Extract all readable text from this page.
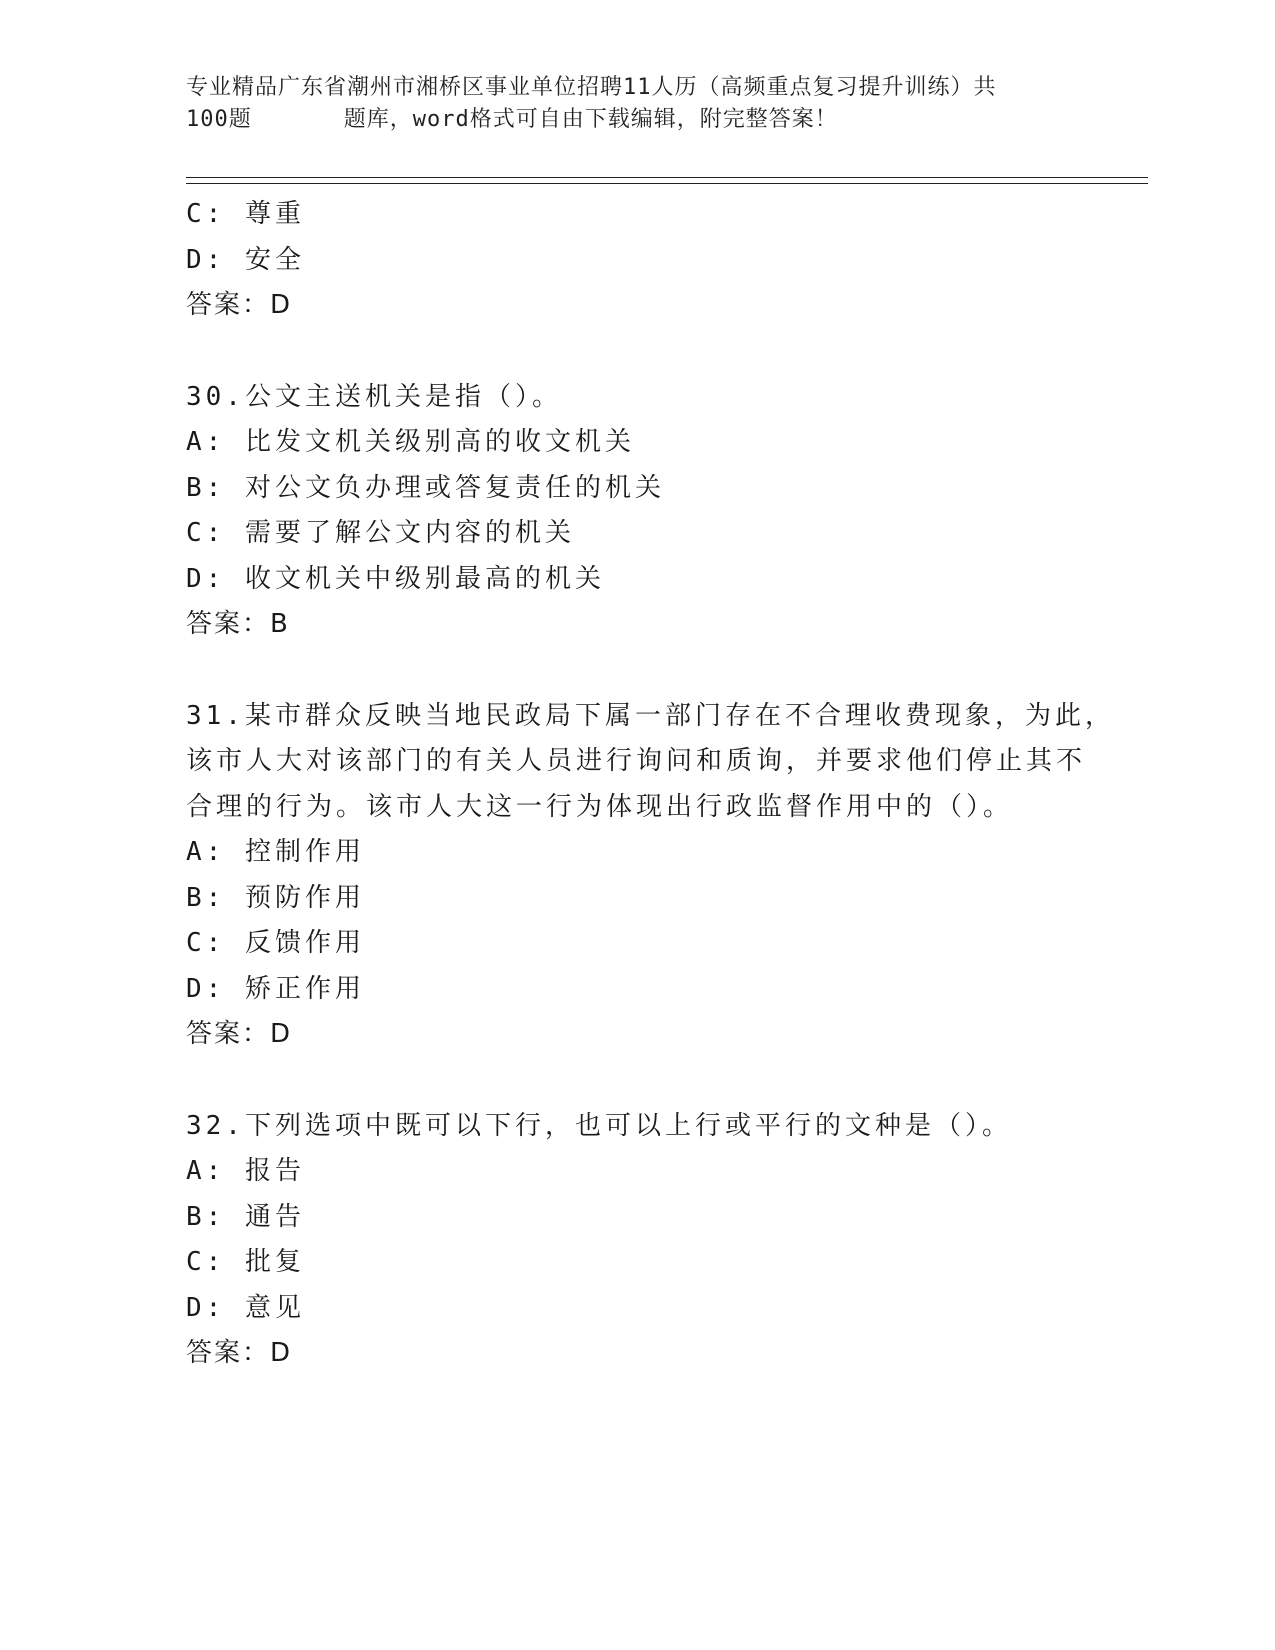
专业精品广东省潮州市湘桥区事业单位招聘11人历（高频重点复习提升训练）共
100题　　　　题库，word格式可自由下载编辑，附完整答案！
C: 尊重
D: 安全
答案：D
30.公文主送机关是指（）。
A: 比发文机关级别高的收文机关
B: 对公文负办理或答复责任的机关
C: 需要了解公文内容的机关
D: 收文机关中级别最高的机关
答案：B
31.某市群众反映当地民政局下属一部门存在不合理收费现象，为此，
该市人大对该部门的有关人员进行询问和质询，并要求他们停止其不
合理的行为。该市人大这一行为体现出行政监督作用中的（）。
A: 控制作用
B: 预防作用
C: 反馈作用
D: 矫正作用
答案：D
32.下列选项中既可以下行，也可以上行或平行的文种是（）。
A: 报告
B: 通告
C: 批复
D: 意见
答案：D
